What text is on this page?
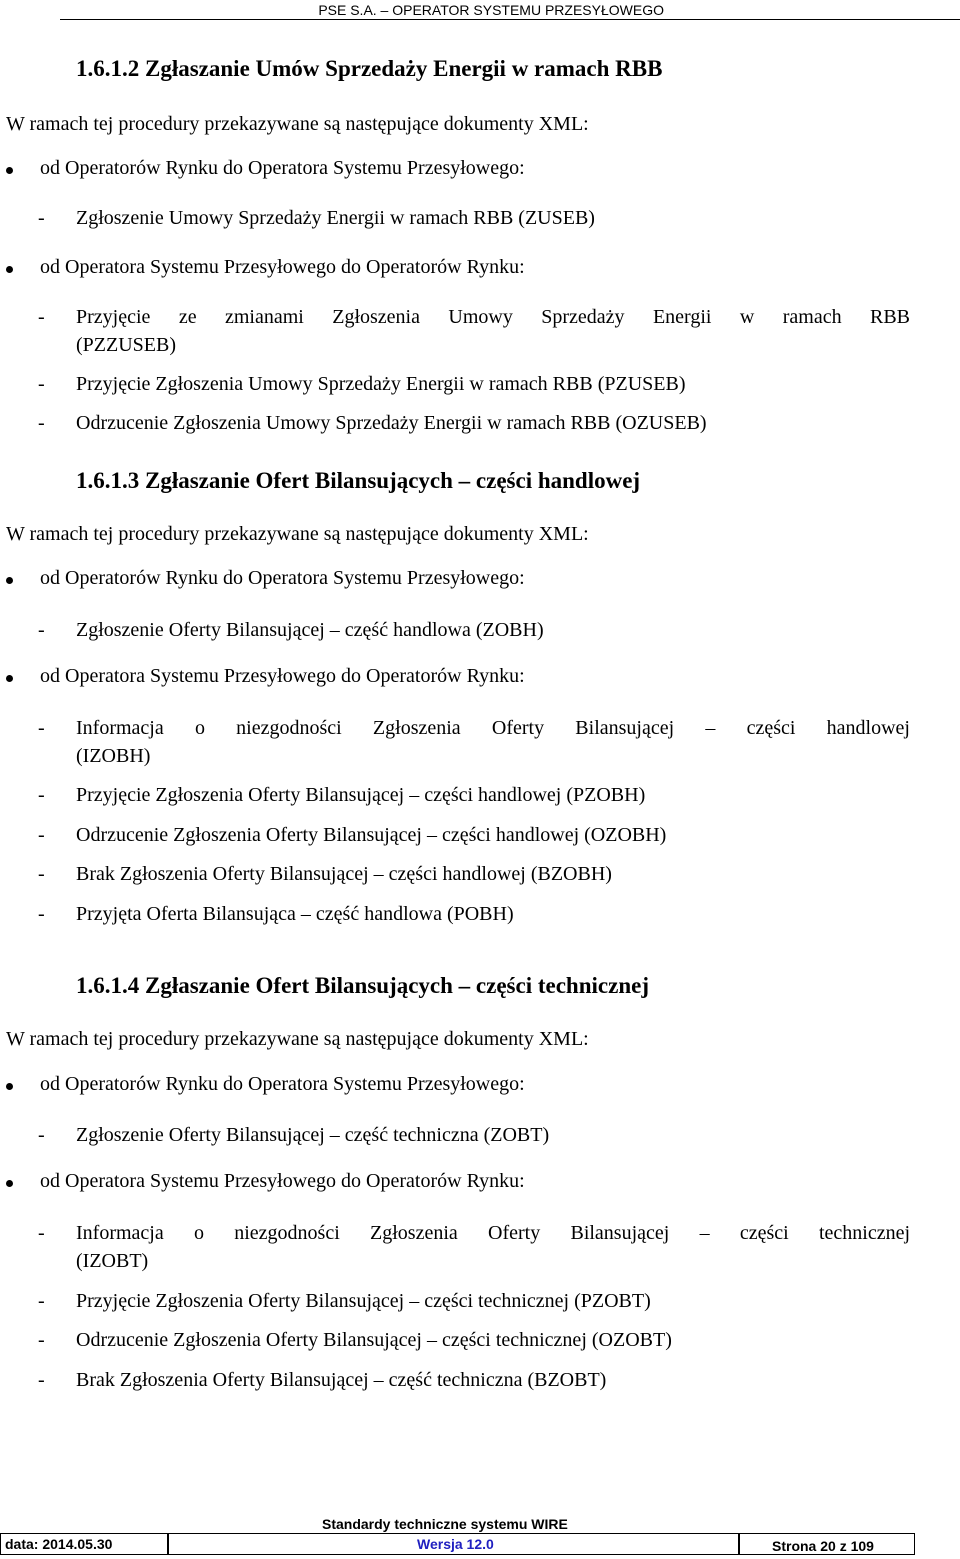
PSE S.A. – OPERATOR SYSTEMU PRZESYŁOWEGO
1.6.1.2 Zgłaszanie Umów Sprzedaży Energii w ramach RBB
W ramach tej procedury przekazywane są następujące dokumenty XML:
od Operatorów Rynku do Operatora Systemu Przesyłowego:
- Zgłoszenie Umowy Sprzedaży Energii w ramach RBB (ZUSEB)
od Operatora Systemu Przesyłowego do Operatorów Rynku:
- Przyjęcie ze zmianami Zgłoszenia Umowy Sprzedaży Energii w ramach RBB
(PZZUSEB)
- Przyjęcie Zgłoszenia Umowy Sprzedaży Energii w ramach RBB (PZUSEB)
- Odrzucenie Zgłoszenia Umowy Sprzedaży Energii w ramach RBB (OZUSEB)
1.6.1.3 Zgłaszanie Ofert Bilansujących – części handlowej
W ramach tej procedury przekazywane są następujące dokumenty XML:
od Operatorów Rynku do Operatora Systemu Przesyłowego:
- Zgłoszenie Oferty Bilansującej – część handlowa (ZOBH)
od Operatora Systemu Przesyłowego do Operatorów Rynku:
- Informacja o niezgodności Zgłoszenia Oferty Bilansującej – części handlowej
(IZOBH)
- Przyjęcie Zgłoszenia Oferty Bilansującej – części handlowej (PZOBH)
- Odrzucenie Zgłoszenia Oferty Bilansującej – części handlowej (OZOBH)
- Brak Zgłoszenia Oferty Bilansującej – części handlowej (BZOBH)
- Przyjęta Oferta Bilansująca – część handlowa (POBH)
1.6.1.4 Zgłaszanie Ofert Bilansujących – części technicznej
W ramach tej procedury przekazywane są następujące dokumenty XML:
od Operatorów Rynku do Operatora Systemu Przesyłowego:
- Zgłoszenie Oferty Bilansującej – część techniczna (ZOBT)
od Operatora Systemu Przesyłowego do Operatorów Rynku:
- Informacja o niezgodności Zgłoszenia Oferty Bilansującej – części technicznej
(IZOBT)
- Przyjęcie Zgłoszenia Oferty Bilansującej – części technicznej (PZOBT)
- Odrzucenie Zgłoszenia Oferty Bilansującej – części technicznej (OZOBT)
- Brak Zgłoszenia Oferty Bilansującej – część techniczna (BZOBT)
Standardy techniczne systemu WIRE
data: 2014.05.30	Wersja 12.0	Strona 20 z 109
